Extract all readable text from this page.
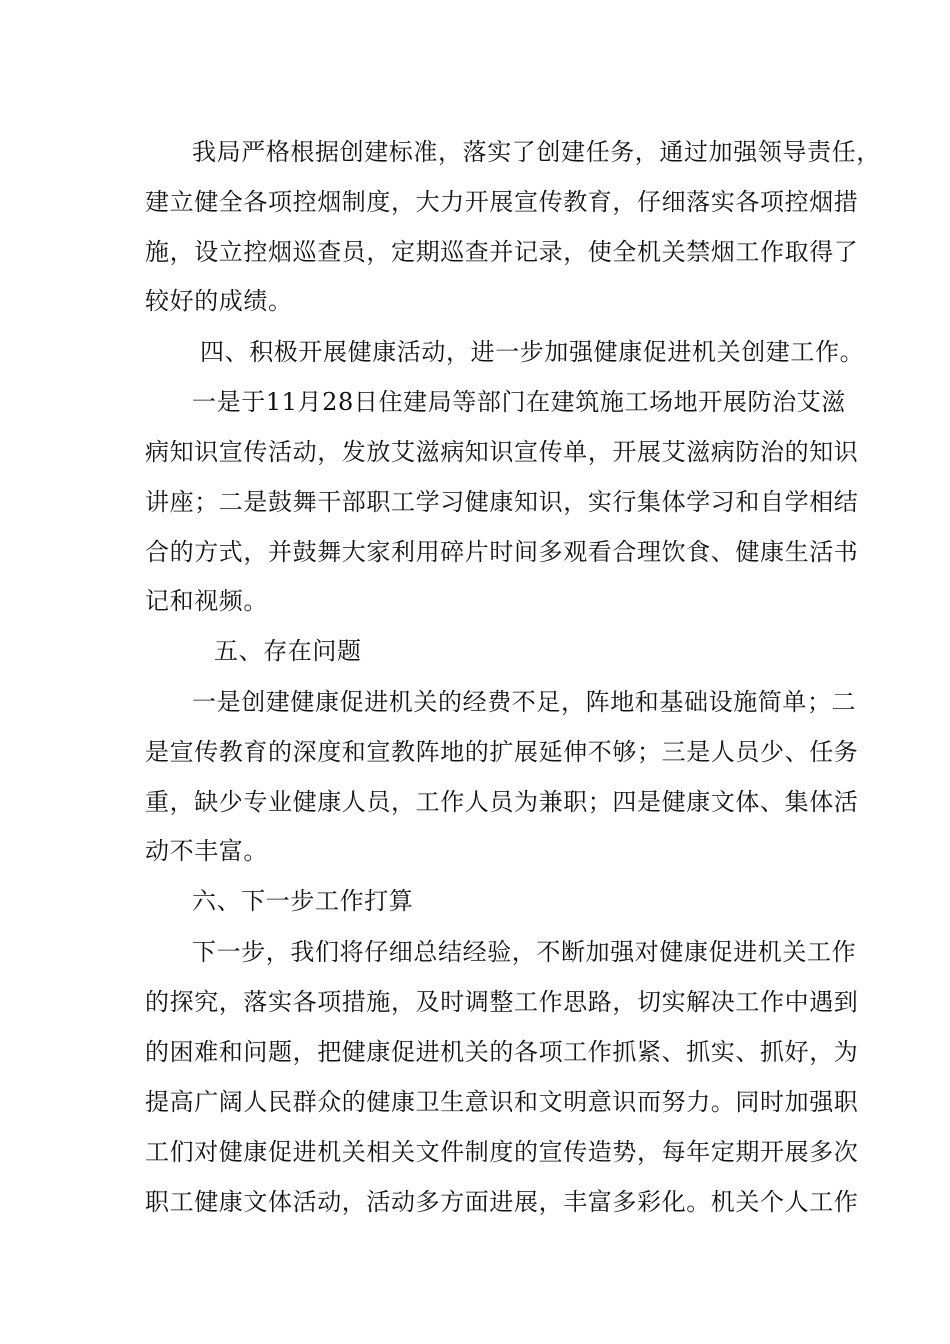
我局严格根据创建标准，落实了创建任务，通过加强领导责任，
建立健全各项控烟制度，大力开展宣传教育，仔细落实各项控烟措
施，设立控烟巡查员，定期巡查并记录，使全机关禁烟工作取得了
较好的成绩。
四、积极开展健康活动，进一步加强健康促进机关创建工作。
一是于11月28日住建局等部门在建筑施工场地开展防治艾滋
病知识宣传活动，发放艾滋病知识宣传单，开展艾滋病防治的知识
讲座；二是鼓舞干部职工学习健康知识，实行集体学习和自学相结
合的方式，并鼓舞大家利用碎片时间多观看合理饮食、健康生活书
记和视频。
五、存在问题
一是创建健康促进机关的经费不足，阵地和基础设施简单；二
是宣传教育的深度和宣教阵地的扩展延伸不够；三是人员少、任务
重，缺少专业健康人员，工作人员为兼职；四是健康文体、集体活
动不丰富。
六、下一步工作打算
下一步，我们将仔细总结经验，不断加强对健康促进机关工作
的探究，落实各项措施，及时调整工作思路，切实解决工作中遇到
的困难和问题，把健康促进机关的各项工作抓紧、抓实、抓好，为
提高广阔人民群众的健康卫生意识和文明意识而努力。同时加强职
工们对健康促进机关相关文件制度的宣传造势，每年定期开展多次
职工健康文体活动，活动多方面进展，丰富多彩化。机关个人工作
